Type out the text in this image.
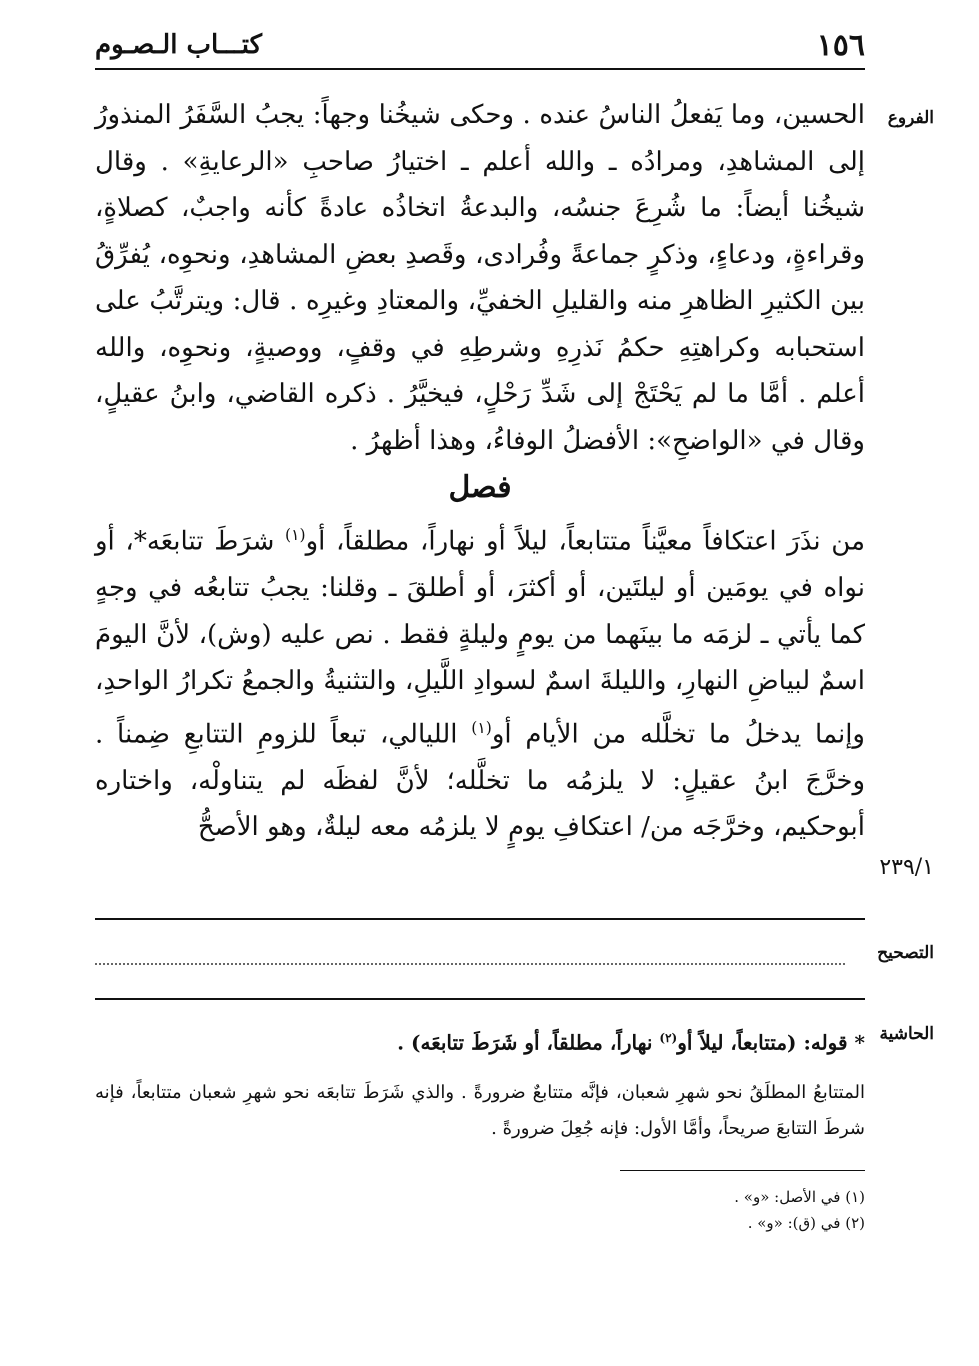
١٥٦
كتـــاب الـصـوم
الفروع

الحسين، وما يَفعلُ الناسُ عنده . وحكى شيخُنا وجهاً: يجبُ السَّفَرُ المنذورُ إلى المشاهدِ، ومرادُه ـ والله أعلم ـ اختيارُ صاحبِ «الرعايةِ» . وقال شيخُنا أيضاً: ما شُرِعَ جنسُه، والبدعةُ اتخاذُه عادةً كأنه واجبٌ، كصلاةٍ، وقراءةٍ، ودعاءٍ، وذكرٍ جماعةً وفُرادى، وقَصدِ بعضِ المشاهدِ، ونحوِه، يُفرِّقُ بين الكثيرِ الظاهرِ منه والقليلِ الخفيِّ، والمعتادِ وغيرِه . قال: ويترتَّبُ على استحبابه وكراهتِهِ حكمُ نَذرِهِ وشرطِهِ في وقفٍ، ووصيةٍ، ونحوِه، والله أعلم . أمَّا ما لم يَحْتَجْ إلى شَدِّ رَحْلٍ، فيخيَّرُ . ذكره القاضي، وابنُ عقيلٍ، وقال في «الواضحِ»: الأفضلُ الوفاءُ، وهذا أظهرُ .

فصل

من نذَرَ اعتكافاً معيَّناً متتابعاً، ليلاً أو نهاراً، مطلقاً، أو$^{(١)}$ شرَطَ تتابعَه*، أو نواه في يومَين أو ليلتَين، أو أكثرَ، أو أطلقَ ـ وقلنا: يجبُ تتابعُه في وجهٍ كما يأتي ـ لزمَه ما بينَهما من يومٍ وليلةٍ فقط . نص عليه (وش)، لأنَّ اليومَ اسمٌ لبياضِ النهارِ، والليلةَ اسمٌ لسوادِ اللَّيلِ، والتثنيةُ والجمعُ تكرارُ الواحدِ، وإنما يدخلُ ما تخلَّله من الأيام أو$^{(١)}$ الليالي، تبعاً للزومِ التتابعِ ضِمناً . وخرَّجَ ابنُ عقيلٍ: لا يلزمُه ما تخلَّله؛ لأنَّ لفظَه لم يتناولْه، واختاره أبوحكيم، وخرَّجَه من/ اعتكافِ يومٍ لا يلزمُه معه ليلةٌ، وهو الأصحُّ

٢٣٩/١
التصحيح
الحاشية

* قوله: (متتابعاً، ليلاً أو$^{(٢)}$ نهاراً، مطلقاً، أو شَرَطَ تتابعَه) .

المتتابعُ المطلَقُ نحو شهرِ شعبان، فإنَّه متتابعٌ ضرورةً . والذي شَرَطَ تتابعَه نحو شهرِ شعبان متتابعاً، فإنه شرطَ التتابعَ صريحاً، وأمَّا الأول: فإنه جُعِلَ ضرورةً .

(١) في الأصل: «و» .
(٢) في (ق): «و» .
